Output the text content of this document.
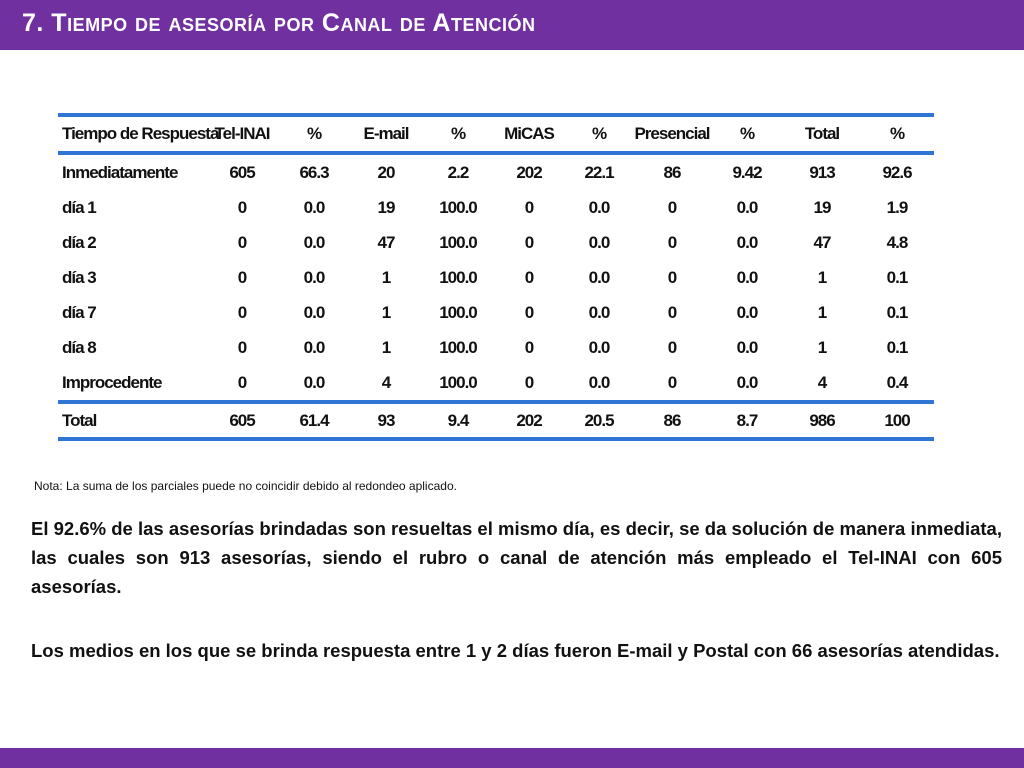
7. Tiempo de asesoría por Canal de Atención
Tiempo de Respuesta	Tel-INAI	%	E-mail	%	MiCAS	%	Presencial	%	Total	%
Inmediatamente	605	66.3	20	2.2	202	22.1	86	9.42	913	92.6
día 1	0	0.0	19	100.0	0	0.0	0	0.0	19	1.9
día 2	0	0.0	47	100.0	0	0.0	0	0.0	47	4.8
día 3	0	0.0	1	100.0	0	0.0	0	0.0	1	0.1
día 7	0	0.0	1	100.0	0	0.0	0	0.0	1	0.1
día 8	0	0.0	1	100.0	0	0.0	0	0.0	1	0.1
Improcedente	0	0.0	4	100.0	0	0.0	0	0.0	4	0.4
Total	605	61.4	93	9.4	202	20.5	86	8.7	986	100
Nota: La suma de los parciales puede no coincidir debido al redondeo aplicado.

El 92.6% de las asesorías brindadas son resueltas el mismo día, es decir, se da solución de manera inmediata, las cuales son 913 asesorías, siendo el rubro o canal de atención más empleado el Tel-INAI con 605 asesorías.

Los medios en los que se brinda respuesta entre 1 y 2 días fueron E-mail y Postal con 66 asesorías atendidas.
